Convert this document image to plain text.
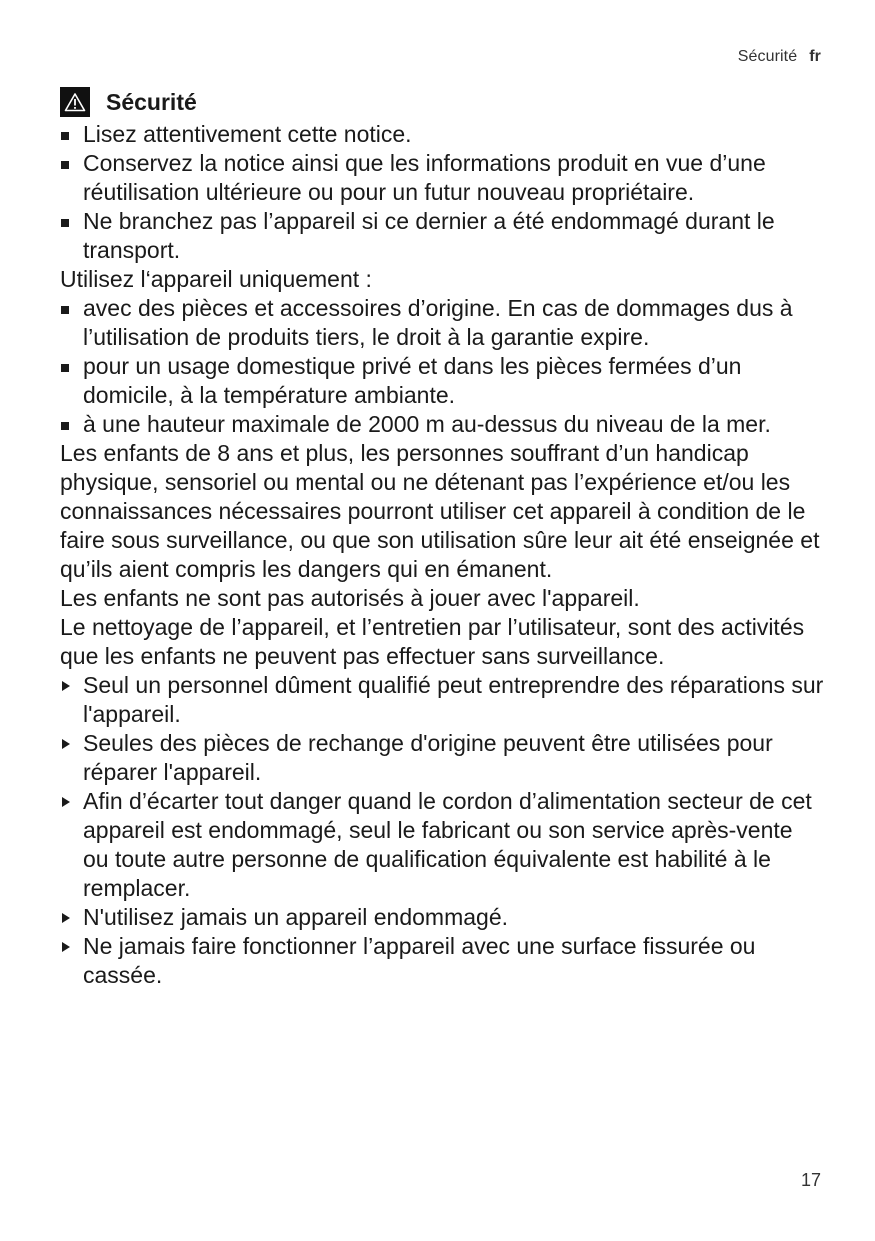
Sécurité fr
Sécurité
Lisez attentivement cette notice.
Conservez la notice ainsi que les informations produit en vue d’une réutilisation ultérieure ou pour un futur nouveau propriétaire.
Ne branchez pas l’appareil si ce dernier a été endommagé durant le transport.

Utilisez l‘appareil uniquement :

avec des pièces et accessoires d’origine. En cas de dommages dus à l’utilisation de produits tiers, le droit à la garantie expire.
pour un usage domestique privé et dans les pièces fermées d’un domicile, à la température ambiante.
à une hauteur maximale de 2000 m au-dessus du niveau de la mer.

Les enfants de 8 ans et plus, les personnes souffrant d’un handicap physique, sensoriel ou mental ou ne détenant pas l’expérience et/ou les connaissances nécessaires pourront utiliser cet appareil à condition de le faire sous surveillance, ou que son utilisation sûre leur ait été enseignée et qu’ils aient compris les dangers qui en émanent.

Les enfants ne sont pas autorisés à jouer avec l'appareil.

Le nettoyage de l’appareil, et l’entretien par l’utilisateur, sont des activités que les enfants ne peuvent pas effectuer sans surveillance.

Seul un personnel dûment qualifié peut entreprendre des réparations sur l'appareil.
Seules des pièces de rechange d'origine peuvent être utilisées pour réparer l'appareil.
Afin d’écarter tout danger quand le cordon d’alimentation secteur de cet appareil est endommagé, seul le fabricant ou son service après-vente ou toute autre personne de qualification équivalente est habilité à le remplacer.
N'utilisez jamais un appareil endommagé.
Ne jamais faire fonctionner l’appareil avec une surface fissurée ou cassée.
17
